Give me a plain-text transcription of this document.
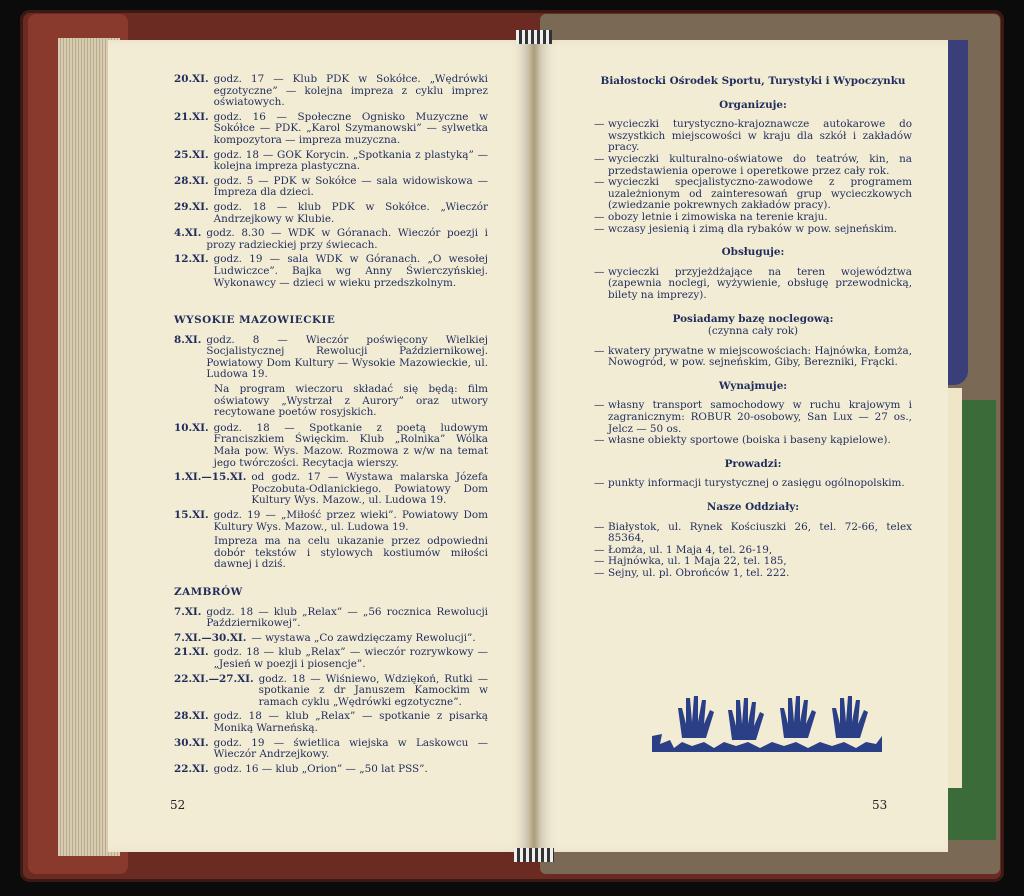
20.XI. godz. 17 — Klub PDK w Sokółce. „Wędrówki egzotyczne” — kolejna impreza z cyklu imprez oświatowych.
21.XI. godz. 16 — Społeczne Ognisko Muzyczne w Sokółce — PDK. „Karol Szymanowski” — sylwetka kompozytora — impreza muzyczna.
25.XI. godz. 18 — GOK Korycin. „Spotkania z plastyką” — kolejna impreza plastyczna.
28.XI. godz. 5 — PDK w Sokółce — sala widowiskowa — Impreza dla dzieci.
29.XI. godz. 18 — klub PDK w Sokółce. „Wieczór Andrzejkowy w Klubie.
4.XI. godz. 8.30 — WDK w Góranach. Wieczór poezji i prozy radzieckiej przy świecach.
12.XI. godz. 19 — sala WDK w Góranach. „O wesołej Ludwiczce”. Bajka wg Anny Świerczyńskiej. Wykonawcy — dzieci w wieku przedszkolnym.
WYSOKIE MAZOWIECKIE
8.XI. godz. 8 — Wieczór poświęcony Wielkiej Socjalistycznej Rewolucji Październikowej. Powiatowy Dom Kultury — Wysokie Mazowieckie, ul. Ludowa 19.
Na program wieczoru składać się będą: film oświatowy „Wystrzał z Aurory” oraz utwory recytowane poetów rosyjskich.
10.XI. godz. 18 — Spotkanie z poetą ludowym Franciszkiem Święckim. Klub „Rolnika” Wólka Mała pow. Wys. Mazow. Rozmowa z w/w na temat jego twórczości. Recytacja wierszy.
1.XI.—15.XI. od godz. 17 — Wystawa malarska Józefa Poczobuta-Odlanickiego. Powiatowy Dom Kultury Wys. Mazow., ul. Ludowa 19.
15.XI. godz. 19 — „Miłość przez wieki”. Powiatowy Dom Kultury Wys. Mazow., ul. Ludowa 19.
Impreza ma na celu ukazanie przez odpowiedni dobór tekstów i stylowych kostiumów miłości dawnej i dziś.
ZAMBRÓW
7.XI. godz. 18 — klub „Relax” — „56 rocznica Rewolucji Październikowej”.
7.XI.—30.XI. — wystawa „Co zawdzięczamy Rewolucji”.
21.XI. godz. 18 — klub „Relax” — wieczór rozrywkowy — „Jesień w poezji i piosencje”.
22.XI.—27.XI. godz. 18 — Wiśniewo, Wdziękoń, Rutki — spotkanie z dr Januszem Kamockim w ramach cyklu „Wędrówki egzotyczne”.
28.XI. godz. 18 — klub „Relax” — spotkanie z pisarką Moniką Warneńską.
30.XI. godz. 19 — świetlica wiejska w Laskowcu — Wieczór Andrzejkowy.
22.XI. godz. 16 — klub „Orion” — „50 lat PSS”.
52
Białostocki Ośrodek Sportu, Turystyki i Wypoczynku
Organizuje:
— wycieczki turystyczno-krajoznawcze autokarowe do wszystkich miejscowości w kraju dla szkół i zakładów pracy.
— wycieczki kulturalno-oświatowe do teatrów, kin, na przedstawienia operowe i operetkowe przez cały rok.
— wycieczki specjalistyczno-zawodowe z programem uzależnionym od zainteresowań grup wycieczkowych (zwiedzanie pokrewnych zakładów pracy).
— obozy letnie i zimowiska na terenie kraju.
— wczasy jesienią i zimą dla rybaków w pow. sejneńskim.
Obsługuje:
— wycieczki przyjeżdżające na teren województwa (zapewnia noclegi, wyżywienie, obsługę przewodnicką, bilety na imprezy).
Posiadamy bazę noclegową:
(czynna cały rok)
— kwatery prywatne w miejscowościach: Hajnówka, Łomża, Nowogród, w pow. sejneńskim, Giby, Berezniki, Frącki.
Wynajmuje:
— własny transport samochodowy w ruchu krajowym i zagranicznym: ROBUR 20-osobowy, San Lux — 27 os., Jelcz — 50 os.
— własne obiekty sportowe (boiska i baseny kąpielowe).
Prowadzi:
— punkty informacji turystycznej o zasięgu ogólnopolskim.
Nasze Oddziały:
— Białystok, ul. Rynek Kościuszki 26, tel. 72-66, telex 85364,
— Łomża, ul. 1 Maja 4, tel. 26-19,
— Hajnówka, ul. 1 Maja 22, tel. 185,
— Sejny, ul. pl. Obrońców 1, tel. 222.
53
